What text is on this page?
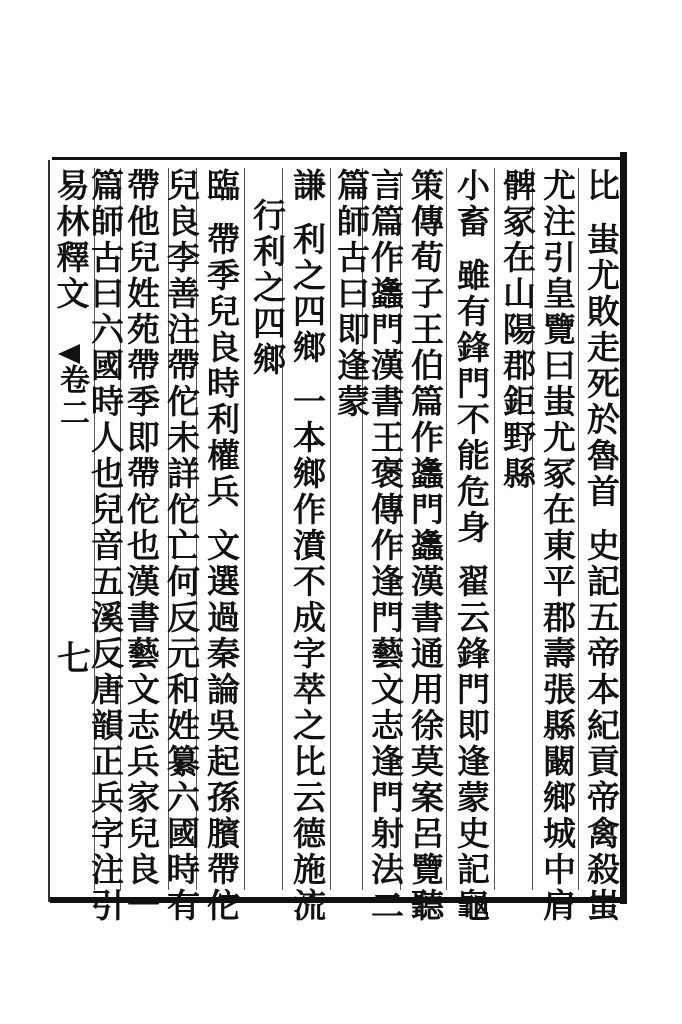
易林釋文
卷二
七
比
蚩尤敗走死於魯首
史記五帝本紀貢帝禽殺蚩
尤注引皇覽曰蚩尤冢在東平郡壽張縣闞鄉城中肩
髀冢在山陽郡鉅野縣
小畜
雖有鋒門不能危身
翟云鋒門即逢蒙史記龜
策傳荀子王伯篇作蠭門蠭漢書通用徐莫案呂覽聽
言篇作蠭門漢書王褒傳作逢門藝文志逢門射法二
篇師古曰即逢蒙
謙
利之四鄉
一本鄉作濆不成字萃之比云德施流
行利之四鄉
臨
帶季兒良時利權兵
文選過秦論吳起孫臏帶佗
兒良李善注帶佗未詳佗亡何反元和姓纂六國時有
帶他兒姓苑帶季即帶佗也漢書藝文志兵家兒良一
篇師古曰六國時人也兒音五溪反唐韻正兵字注引
